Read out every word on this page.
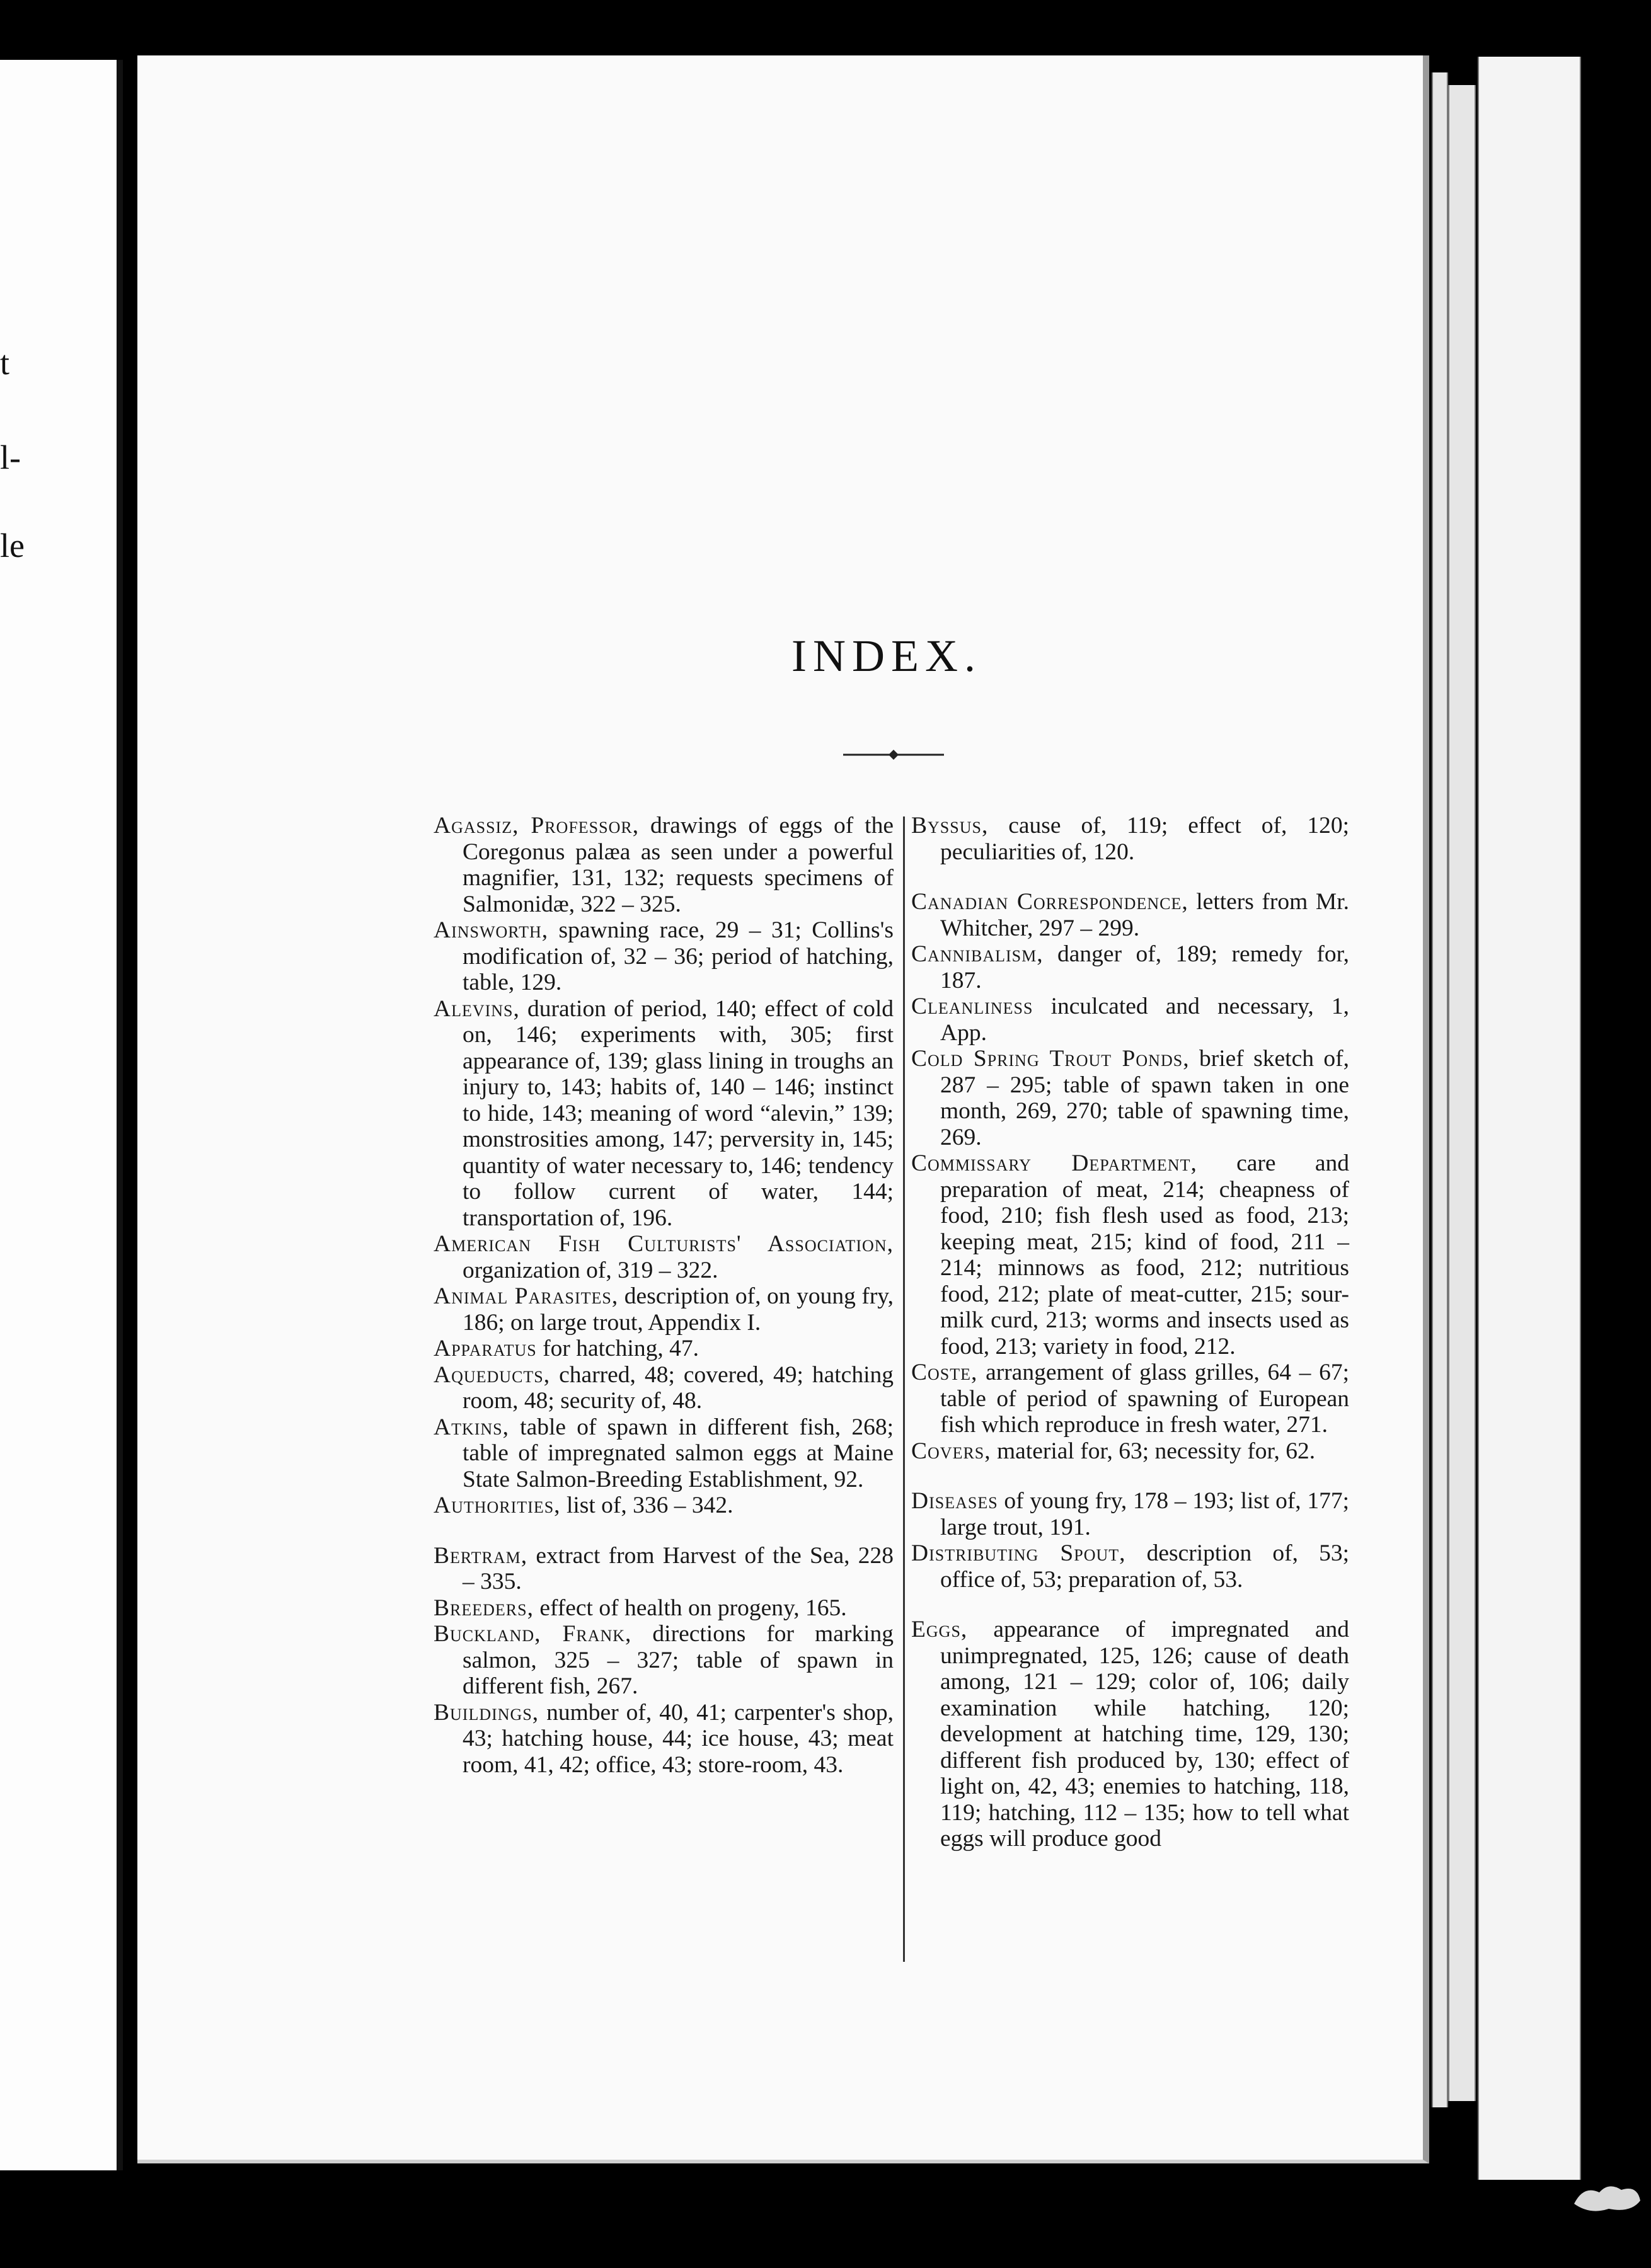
t
l-
le
INDEX.

Agassiz, Professor, drawings of eggs of the Coregonus palæa as seen under a powerful magnifier, 131, 132; requests specimens of Salmonidæ, 322 – 325.

Ainsworth, spawning race, 29 – 31; Collins's modification of, 32 – 36; period of hatching, table, 129.

Alevins, duration of period, 140; effect of cold on, 146; experiments with, 305; first appearance of, 139; glass lining in troughs an injury to, 143; habits of, 140 – 146; instinct to hide, 143; meaning of word “alevin,” 139; monstrosities among, 147; perversity in, 145; quantity of water necessary to, 146; tendency to follow current of water, 144; transportation of, 196.

American Fish Culturists' Association, organization of, 319 – 322.

Animal Parasites, description of, on young fry, 186; on large trout, Appendix I.

Apparatus for hatching, 47.

Aqueducts, charred, 48; covered, 49; hatching room, 48; security of, 48.

Atkins, table of spawn in different fish, 268; table of impregnated salmon eggs at Maine State Salmon-Breeding Establishment, 92.

Authorities, list of, 336 – 342.

Bertram, extract from Harvest of the Sea, 228 – 335.

Breeders, effect of health on progeny, 165.

Buckland, Frank, directions for marking salmon, 325 – 327; table of spawn in different fish, 267.

Buildings, number of, 40, 41; carpenter's shop, 43; hatching house, 44; ice house, 43; meat room, 41, 42; office, 43; store-room, 43.

Byssus, cause of, 119; effect of, 120; peculiarities of, 120.

Canadian Correspondence, letters from Mr. Whitcher, 297 – 299.

Cannibalism, danger of, 189; remedy for, 187.

Cleanliness inculcated and necessary, 1, App.

Cold Spring Trout Ponds, brief sketch of, 287 – 295; table of spawn taken in one month, 269, 270; table of spawning time, 269.

Commissary Department, care and preparation of meat, 214; cheapness of food, 210; fish flesh used as food, 213; keeping meat, 215; kind of food, 211 – 214; minnows as food, 212; nutritious food, 212; plate of meat-cutter, 215; sour-milk curd, 213; worms and insects used as food, 213; variety in food, 212.

Coste, arrangement of glass grilles, 64 – 67; table of period of spawning of European fish which reproduce in fresh water, 271.

Covers, material for, 63; necessity for, 62.

Diseases of young fry, 178 – 193; list of, 177; large trout, 191.

Distributing Spout, description of, 53; office of, 53; preparation of, 53.

Eggs, appearance of impregnated and unimpregnated, 125, 126; cause of death among, 121 – 129; color of, 106; daily examination while hatching, 120; development at hatching time, 129, 130; different fish produced by, 130; effect of light on, 42, 43; enemies to hatching, 118, 119; hatching, 112 – 135; how to tell what eggs will produce good
